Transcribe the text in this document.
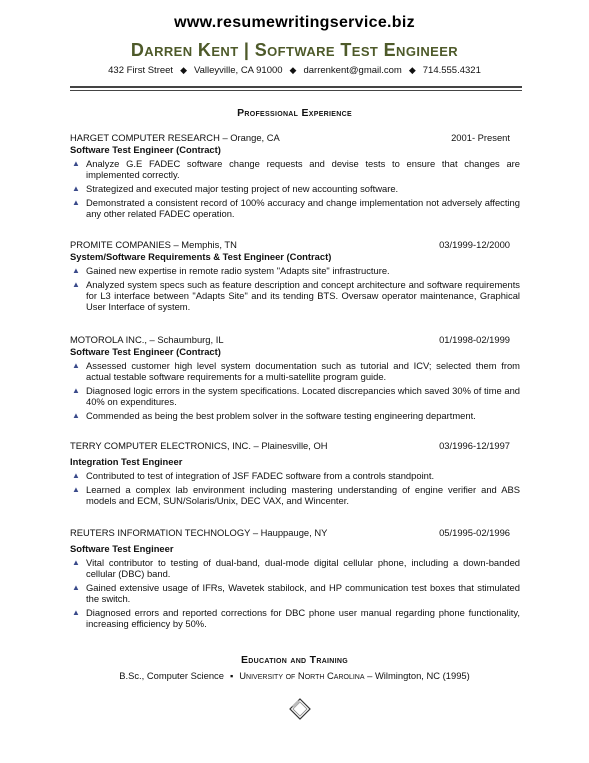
www.resumewritingservice.biz
Darren Kent | Software Test Engineer
432 First Street ◆ Valleyville, CA 91000 ◆ darrenkent@gmail.com ◆ 714.555.4321
Professional Experience
HARGET COMPUTER RESEARCH – Orange, CA	2001- Present
Software Test Engineer (Contract)
▲ Analyze G.E FADEC software change requests and devise tests to ensure that changes are implemented correctly.
▲ Strategized and executed major testing project of new accounting software.
▲ Demonstrated a consistent record of 100% accuracy and change implementation not adversely affecting any other related FADEC operation.
PROMITE COMPANIES – Memphis, TN	03/1999-12/2000
System/Software Requirements & Test Engineer (Contract)
▲ Gained new expertise in remote radio system "Adapts site" infrastructure.
▲ Analyzed system specs such as feature description and concept architecture and software requirements for L3 interface between "Adapts Site" and its tending BTS. Oversaw operator maintenance, Graphical User Interface of system.
MOTOROLA INC., – Schaumburg, IL	01/1998-02/1999
Software Test Engineer (Contract)
▲ Assessed customer high level system documentation such as tutorial and ICV; selected them from actual testable software requirements for a multi-satellite program guide.
▲ Diagnosed logic errors in the system specifications. Located discrepancies which saved 30% of time and 40% on expenditures.
▲ Commended as being the best problem solver in the software testing engineering department.
TERRY COMPUTER ELECTRONICS, INC. – Plainesville, OH	03/1996-12/1997
Integration Test Engineer
▲ Contributed to test of integration of JSF FADEC software from a controls standpoint.
▲ Learned a complex lab environment including mastering understanding of engine verifier and ABS models and ECM, SUN/Solaris/Unix, DEC VAX, and Wincenter.
REUTERS INFORMATION TECHNOLOGY – Hauppauge, NY	05/1995-02/1996
Software Test Engineer
▲ Vital contributor to testing of dual-band, dual-mode digital cellular phone, including a down-banded cellular (DBC) band.
▲ Gained extensive usage of IFRs, Wavetek stabilock, and HP communication test boxes that stimulated the switch.
▲ Diagnosed errors and reported corrections for DBC phone user manual regarding phone functionality, increasing efficiency by 50%.
Education and Training
B.Sc., Computer Science ▪ University of North Carolina – Wilmington, NC (1995)
